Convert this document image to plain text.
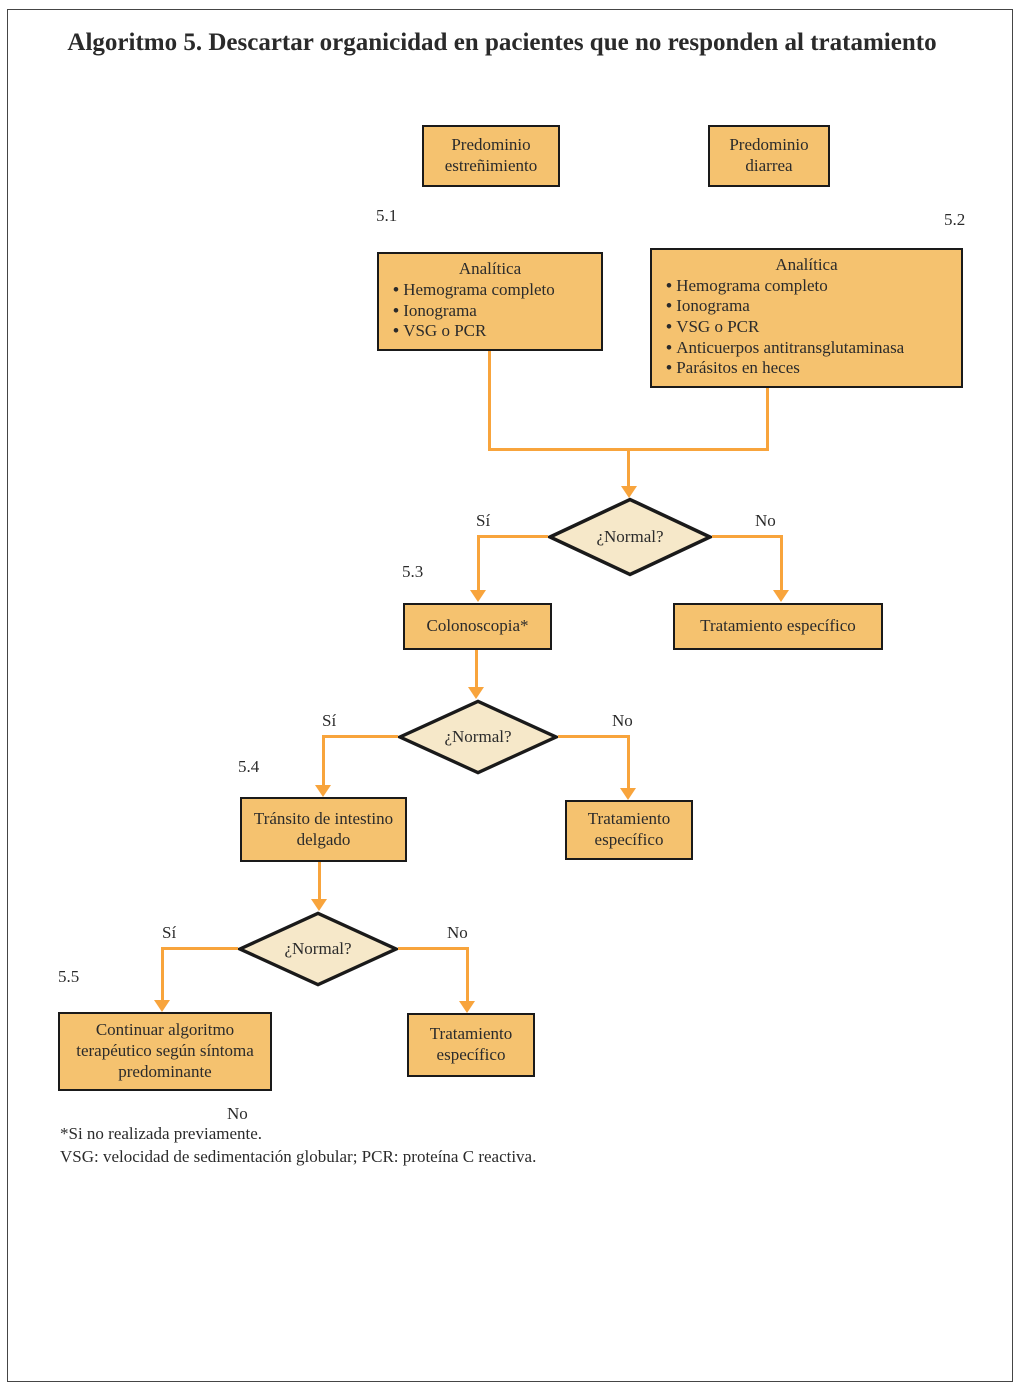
Algoritmo 5. Descartar organicidad en pacientes que no responden al tratamiento
Predominio estreñimiento
Predominio diarrea
5.1	5.2
Analítica
• Hemograma completo
• Ionograma
• VSG o PCR
Analítica
• Hemograma completo
• Ionograma
• VSG o PCR
• Anticuerpos antitransglutaminasa
• Parásitos en heces
¿Normal?
Sí	No
5.3
Colonoscopia*	Tratamiento específico
¿Normal?
Sí	No
5.4
Tránsito de intestino delgado
Tratamiento específico
¿Normal?
Sí	No
5.5
Continuar algoritmo terapéutico según síntoma predominante
Tratamiento específico
No
*Si no realizada previamente.
VSG: velocidad de sedimentación globular; PCR: proteína C reactiva.
